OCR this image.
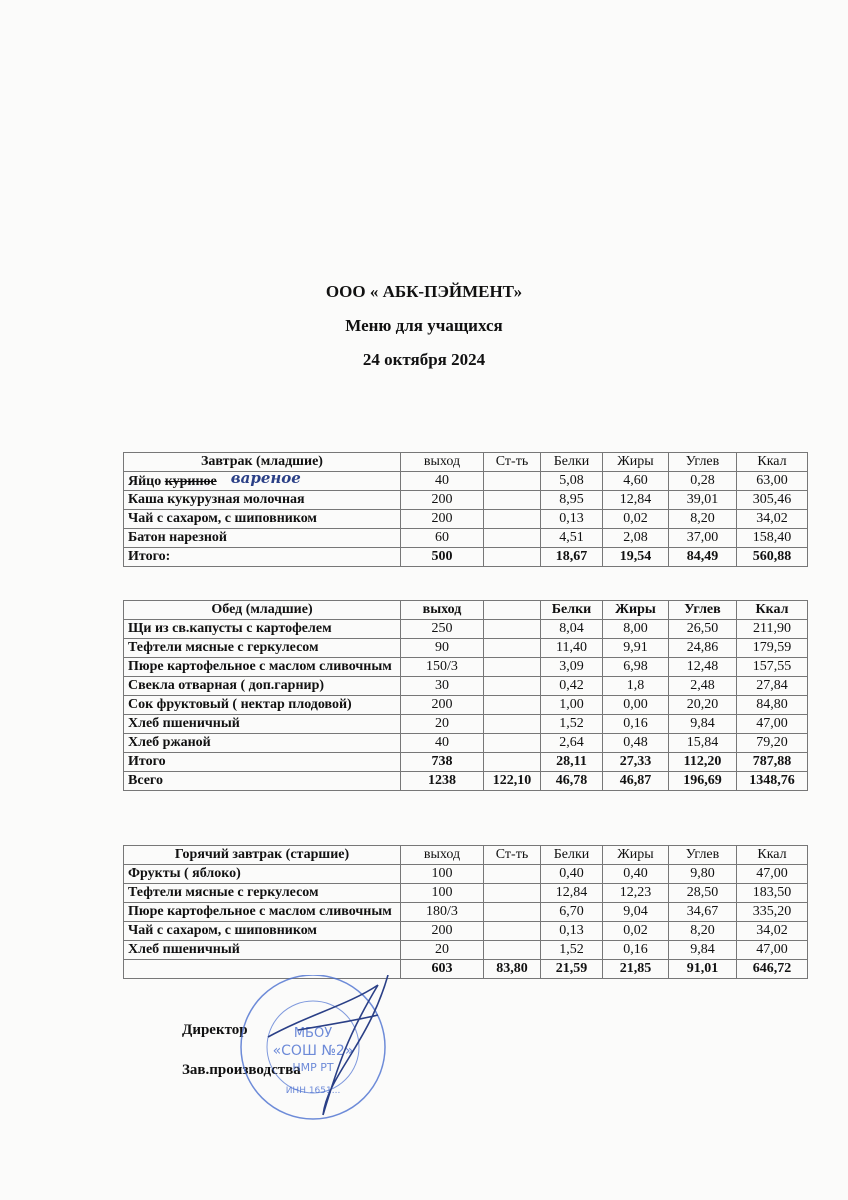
ООО « АБК-ПЭЙМЕНТ»
Меню для учащихся
24 октября 2024
Завтрак (младшие)	выход	Ст-ть	Белки	Жиры	Углев	Ккал
Яйцо куриное вареное	40		5,08	4,60	0,28	63,00
Каша кукурузная молочная	200		8,95	12,84	39,01	305,46
Чай с сахаром, с шиповником	200		0,13	0,02	8,20	34,02
Батон нарезной	60		4,51	2,08	37,00	158,40
Итого:	500		18,67	19,54	84,49	560,88
Обед (младшие)	выход		Белки	Жиры	Углев	Ккал
Щи из св.капусты с картофелем	250		8,04	8,00	26,50	211,90
Тефтели мясные с геркулесом	90		11,40	9,91	24,86	179,59
Пюре картофельное с маслом сливочным	150/3		3,09	6,98	12,48	157,55
Свекла отварная ( доп.гарнир)	30		0,42	1,8	2,48	27,84
Сок фруктовый ( нектар плодовой)	200		1,00	0,00	20,20	84,80
Хлеб пшеничный	20		1,52	0,16	9,84	47,00
Хлеб ржаной	40		2,64	0,48	15,84	79,20
Итого	738		28,11	27,33	112,20	787,88
Всего	1238	122,10	46,78	46,87	196,69	1348,76
Горячий завтрак (старшие)	выход	Ст-ть	Белки	Жиры	Углев	Ккал
Фрукты ( яблоко)	100		0,40	0,40	9,80	47,00
Тефтели мясные с геркулесом	100		12,84	12,23	28,50	183,50
Пюре картофельное с маслом сливочным	180/3		6,70	9,04	34,67	335,20
Чай с сахаром, с шиповником	200		0,13	0,02	8,20	34,02
Хлеб пшеничный	20		1,52	0,16	9,84	47,00
	603	83,80	21,59	21,85	91,01	646,72
Директор
Зав.производства
МБОУ
«СОШ №2»
НМР РТ
ИНН 1651...
